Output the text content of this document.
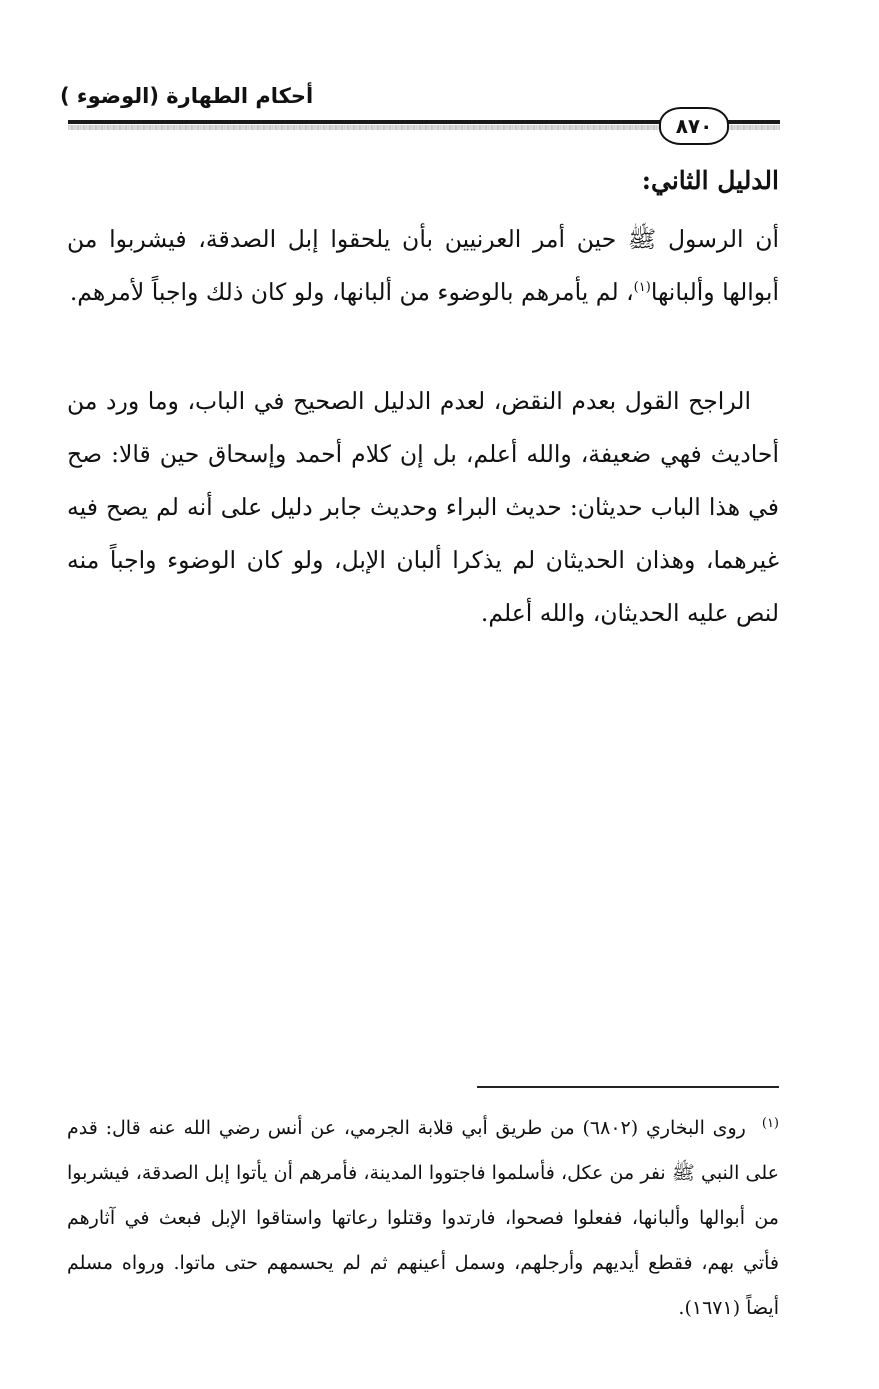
أحكام الطهارة (الوضوء )
٨٧٠
الدليل الثاني:

أن الرسول ﷺ حين أمر العرنيين بأن يلحقوا إبل الصدقة، فيشربوا من أبوالها وألبانها$^{(١)}$، لم يأمرهم بالوضوء من ألبانها، ولو كان ذلك واجباً لأمرهم.

الراجح القول بعدم النقض، لعدم الدليل الصحيح في الباب، وما ورد من أحاديث فهي ضعيفة، والله أعلم، بل إن كلام أحمد وإسحاق حين قالا: صح في هذا الباب حديثان: حديث البراء وحديث جابر دليل على أنه لم يصح فيه غيرهما، وهذان الحديثان لم يذكرا ألبان الإبل، ولو كان الوضوء واجباً منه لنص عليه الحديثان، والله أعلم.

$^{(١)}$روى البخاري (٦٨٠٢) من طريق أبي قلابة الجرمي، عن أنس رضي الله عنه قال: قدم على النبي ﷺ نفر من عكل، فأسلموا فاجتووا المدينة، فأمرهم أن يأتوا إبل الصدقة، فيشربوا من أبوالها وألبانها، ففعلوا فصحوا، فارتدوا وقتلوا رعاتها واستاقوا الإبل فبعث في آثارهم فأتي بهم، فقطع أيديهم وأرجلهم، وسمل أعينهم ثم لم يحسمهم حتى ماتوا. ورواه مسلم أيضاً (١٦٧١).
